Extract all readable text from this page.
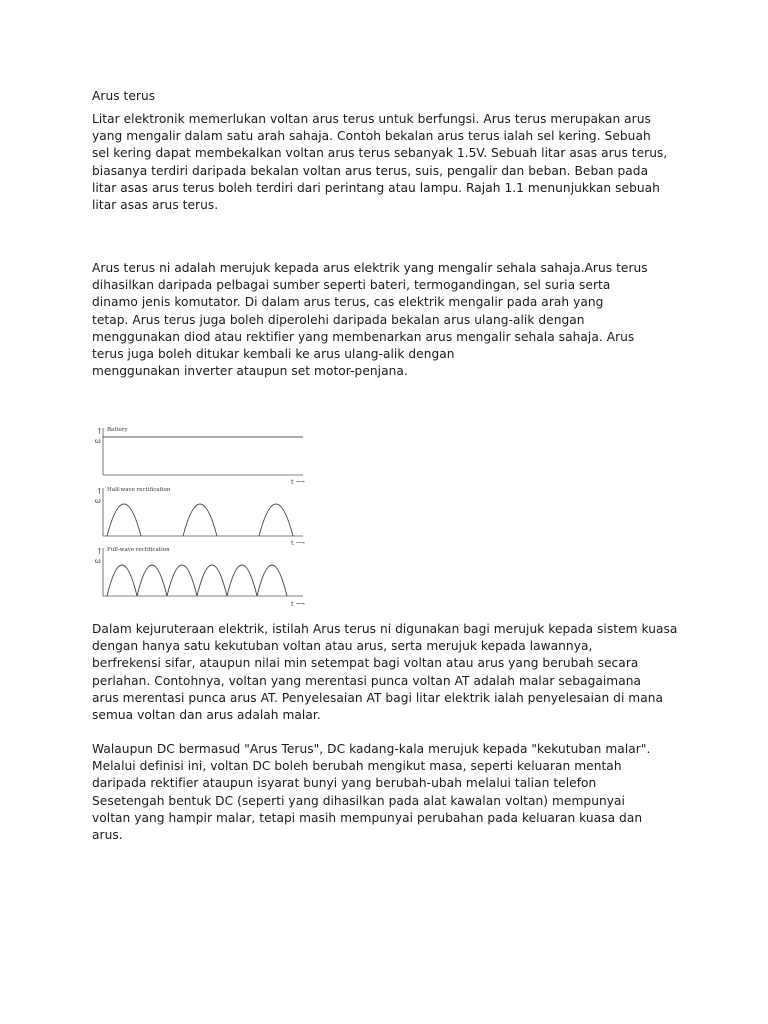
Arus terus

Litar elektronik memerlukan voltan arus terus untuk berfungsi. Arus terus merupakan arus
yang mengalir dalam satu arah sahaja. Contoh bekalan arus terus ialah sel kering. Sebuah
sel kering dapat membekalkan voltan arus terus sebanyak 1.5V. Sebuah litar asas arus terus,
biasanya terdiri daripada bekalan voltan arus terus, suis, pengalir dan beban. Beban pada
litar asas arus terus boleh terdiri dari perintang atau lampu. Rajah 1.1 menunjukkan sebuah
litar asas arus terus.

Arus terus ni adalah merujuk kepada arus elektrik yang mengalir sehala sahaja.Arus terus
dihasilkan daripada pelbagai sumber seperti bateri, termogandingan, sel suria serta
dinamo jenis komutator. Di dalam arus terus, cas elektrik mengalir pada arah yang
tetap. Arus terus juga boleh diperolehi daripada bekalan arus ulang-alik dengan
menggunakan diod atau rektifier yang membenarkan arus mengalir sehala sahaja. Arus
terus juga boleh ditukar kembali ke arus ulang-alik dengan
menggunakan inverter ataupun set motor-penjana.

↑
ω
Battery
t ⟶
↑
ω
Half-wave rectification
t ⟶
↑
ω
Full-wave rectification
t ⟶

Dalam kejuruteraan elektrik, istilah Arus terus ni digunakan bagi merujuk kepada sistem kuasa
dengan hanya satu kekutuban voltan atau arus, serta merujuk kepada lawannya,
berfrekensi sifar, ataupun nilai min setempat bagi voltan atau arus yang berubah secara
perlahan. Contohnya, voltan yang merentasi punca voltan AT adalah malar sebagaimana
arus merentasi punca arus AT. Penyelesaian AT bagi litar elektrik ialah penyelesaian di mana
semua voltan dan arus adalah malar.

Walaupun DC bermasud "Arus Terus", DC kadang-kala merujuk kepada "kekutuban malar".
Melalui definisi ini, voltan DC boleh berubah mengikut masa, seperti keluaran mentah
daripada rektifier ataupun isyarat bunyi yang berubah-ubah melalui talian telefon
Sesetengah bentuk DC (seperti yang dihasilkan pada alat kawalan voltan) mempunyai
voltan yang hampir malar, tetapi masih mempunyai perubahan pada keluaran kuasa dan
arus.
